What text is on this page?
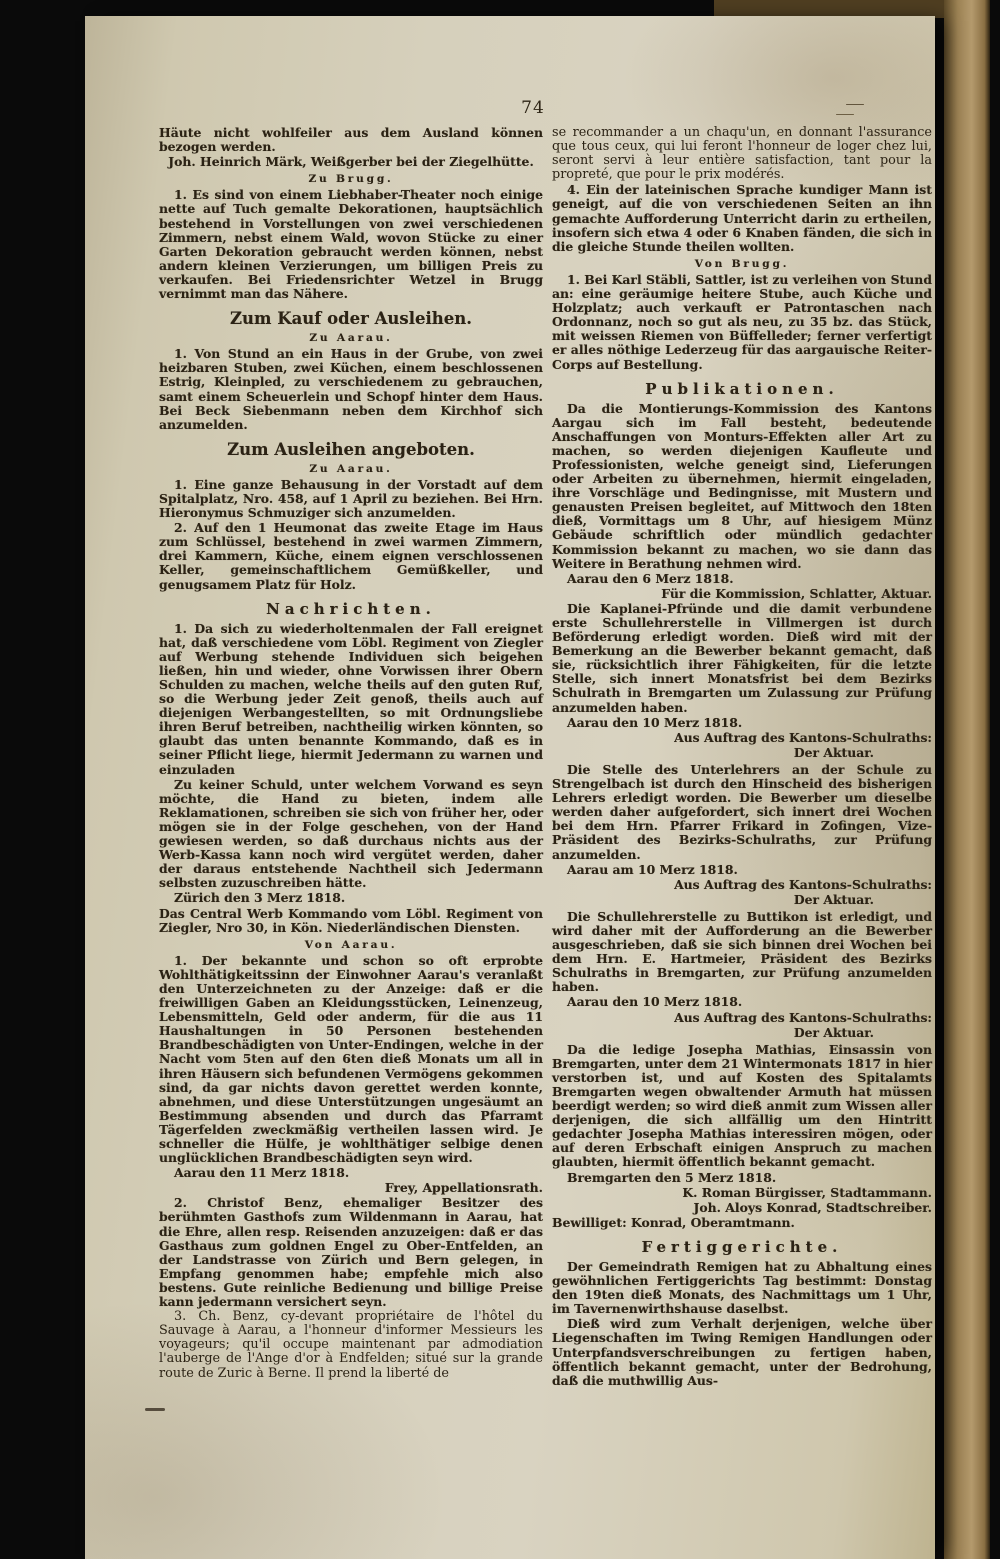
74
Häute nicht wohlfeiler aus dem Ausland können bezogen werden.
Joh. Heinrich Märk, Weißgerber bei der Ziegelhütte.
Zu Brugg.
1. Es sind von einem Liebhaber-Theater noch einige nette auf Tuch gemalte Dekorationen, hauptsächlich bestehend in Vorstellungen von zwei verschiedenen Zimmern, nebst einem Wald, wovon Stücke zu einer Garten Dekoration gebraucht werden können, nebst andern kleinen Verzierungen, um billigen Preis zu verkaufen. Bei Friedensrichter Wetzel in Brugg vernimmt man das Nähere.
Zum Kauf oder Ausleihen.
Zu Aarau.
1. Von Stund an ein Haus in der Grube, von zwei heizbaren Stuben, zwei Küchen, einem beschlossenen Estrig, Kleinpled, zu verschiedenem zu gebrauchen, samt einem Scheuerlein und Schopf hinter dem Haus. Bei Beck Siebenmann neben dem Kirchhof sich anzumelden.
Zum Ausleihen angeboten.
Zu Aarau.
1. Eine ganze Behausung in der Vorstadt auf dem Spitalplatz, Nro. 458, auf 1 April zu beziehen. Bei Hrn. Hieronymus Schmuziger sich anzumelden.
2. Auf den 1 Heumonat das zweite Etage im Haus zum Schlüssel, bestehend in zwei warmen Zimmern, drei Kammern, Küche, einem eignen verschlossenen Keller, gemeinschaftlichem Gemüßkeller, und genugsamem Platz für Holz.
Nachrichten.
1. Da sich zu wiederholtenmalen der Fall ereignet hat, daß verschiedene vom Löbl. Regiment von Ziegler auf Werbung stehende Individuen sich beigehen ließen, hin und wieder, ohne Vorwissen ihrer Obern Schulden zu machen, welche theils auf den guten Ruf, so die Werbung jeder Zeit genoß, theils auch auf diejenigen Werbangestellten, so mit Ordnungsliebe ihren Beruf betreiben, nachtheilig wirken könnten, so glaubt das unten benannte Kommando, daß es in seiner Pflicht liege, hiermit Jedermann zu warnen und einzuladen
Zu keiner Schuld, unter welchem Vorwand es seyn möchte, die Hand zu bieten, indem alle Reklamationen, schreiben sie sich von früher her, oder mögen sie in der Folge geschehen, von der Hand gewiesen werden, so daß durchaus nichts aus der Werb-Kassa kann noch wird vergütet werden, daher der daraus entstehende Nachtheil sich Jedermann selbsten zuzuschreiben hätte.
Zürich den 3 Merz 1818.
Das Central Werb Kommando vom Löbl. Regiment von Ziegler, Nro 30, in Kön. Niederländischen Diensten.
Von Aarau.
1. Der bekannte und schon so oft erprobte Wohlthätigkeitssinn der Einwohner Aarau's veranlaßt den Unterzeichneten zu der Anzeige: daß er die freiwilligen Gaben an Kleidungsstücken, Leinenzeug, Lebensmitteln, Geld oder anderm, für die aus 11 Haushaltungen in 50 Personen bestehenden Brandbeschädigten von Unter-Endingen, welche in der Nacht vom 5ten auf den 6ten dieß Monats um all in ihren Häusern sich befundenen Vermögens gekommen sind, da gar nichts davon gerettet werden konnte, abnehmen, und diese Unterstützungen ungesäumt an Bestimmung absenden und durch das Pfarramt Tägerfelden zweckmäßig vertheilen lassen wird. Je schneller die Hülfe, je wohlthätiger selbige denen unglücklichen Brandbeschädigten seyn wird.
Aarau den 11 Merz 1818.
Frey, Appellationsrath.
2. Christof Benz, ehemaliger Besitzer des berühmten Gasthofs zum Wildenmann in Aarau, hat die Ehre, allen resp. Reisenden anzuzeigen: daß er das Gasthaus zum goldnen Engel zu Ober-Entfelden, an der Landstrasse von Zürich und Bern gelegen, in Empfang genommen habe; empfehle mich also bestens. Gute reinliche Bedienung und billige Preise kann jedermann versichert seyn.
3. Ch. Benz, cy-devant propriétaire de l'hôtel du Sauvage à Aarau, a l'honneur d'informer Messieurs les voyageurs; qu'il occupe maintenant par admodiation l'auberge de l'Ange d'or à Endfelden; situé sur la grande route de Zuric à Berne. Il prend la liberté de
se recommander a un chaqu'un, en donnant l'assurance que tous ceux, qui lui feront l'honneur de loger chez lui, seront servi à leur entière satisfaction, tant pour la propreté, que pour le prix modérés.
4. Ein der lateinischen Sprache kundiger Mann ist geneigt, auf die von verschiedenen Seiten an ihn gemachte Aufforderung Unterricht darin zu ertheilen, insofern sich etwa 4 oder 6 Knaben fänden, die sich in die gleiche Stunde theilen wollten.
Von Brugg.
1. Bei Karl Stäbli, Sattler, ist zu verleihen von Stund an: eine geräumige heitere Stube, auch Küche und Holzplatz; auch verkauft er Patrontaschen nach Ordonnanz, noch so gut als neu, zu 35 bz. das Stück, mit weissen Riemen von Büffelleder; ferner verfertigt er alles nöthige Lederzeug für das aargauische Reiter-Corps auf Bestellung.
Publikationen.
Da die Montierungs-Kommission des Kantons Aargau sich im Fall besteht, bedeutende Anschaffungen von Monturs-Effekten aller Art zu machen, so werden diejenigen Kaufleute und Professionisten, welche geneigt sind, Lieferungen oder Arbeiten zu übernehmen, hiermit eingeladen, ihre Vorschläge und Bedingnisse, mit Mustern und genausten Preisen begleitet, auf Mittwoch den 18ten dieß, Vormittags um 8 Uhr, auf hiesigem Münz Gebäude schriftlich oder mündlich gedachter Kommission bekannt zu machen, wo sie dann das Weitere in Berathung nehmen wird.
Aarau den 6 Merz 1818.
Für die Kommission, Schlatter, Aktuar.
Die Kaplanei-Pfründe und die damit verbundene erste Schullehrerstelle in Villmergen ist durch Beförderung erledigt worden. Dieß wird mit der Bemerkung an die Bewerber bekannt gemacht, daß sie, rücksichtlich ihrer Fähigkeiten, für die letzte Stelle, sich innert Monatsfrist bei dem Bezirks Schulrath in Bremgarten um Zulassung zur Prüfung anzumelden haben.
Aarau den 10 Merz 1818.
Aus Auftrag des Kantons-Schulraths:
Der Aktuar.
Die Stelle des Unterlehrers an der Schule zu Strengelbach ist durch den Hinscheid des bisherigen Lehrers erledigt worden. Die Bewerber um dieselbe werden daher aufgefordert, sich innert drei Wochen bei dem Hrn. Pfarrer Frikard in Zofingen, Vize-Präsident des Bezirks-Schulraths, zur Prüfung anzumelden.
Aarau am 10 Merz 1818.
Aus Auftrag des Kantons-Schulraths:
Der Aktuar.
Die Schullehrerstelle zu Buttikon ist erledigt, und wird daher mit der Aufforderung an die Bewerber ausgeschrieben, daß sie sich binnen drei Wochen bei dem Hrn. E. Hartmeier, Präsident des Bezirks Schulraths in Bremgarten, zur Prüfung anzumelden haben.
Aarau den 10 Merz 1818.
Aus Auftrag des Kantons-Schulraths:
Der Aktuar.
Da die ledige Josepha Mathias, Einsassin von Bremgarten, unter dem 21 Wintermonats 1817 in hier verstorben ist, und auf Kosten des Spitalamts Bremgarten wegen obwaltender Armuth hat müssen beerdigt werden; so wird dieß anmit zum Wissen aller derjenigen, die sich allfällig um den Hintritt gedachter Josepha Mathias interessiren mögen, oder auf deren Erbschaft einigen Anspruch zu machen glaubten, hiermit öffentlich bekannt gemacht.
Bremgarten den 5 Merz 1818.
K. Roman Bürgisser, Stadtammann.
Joh. Aloys Konrad, Stadtschreiber.
Bewilliget: Konrad, Oberamtmann.
Fertiggerichte.
Der Gemeindrath Remigen hat zu Abhaltung eines gewöhnlichen Fertiggerichts Tag bestimmt: Donstag den 19ten dieß Monats, des Nachmittags um 1 Uhr, im Tavernenwirthshause daselbst.
Dieß wird zum Verhalt derjenigen, welche über Liegenschaften im Twing Remigen Handlungen oder Unterpfandsverschreibungen zu fertigen haben, öffentlich bekannt gemacht, unter der Bedrohung, daß die muthwillig Aus-
